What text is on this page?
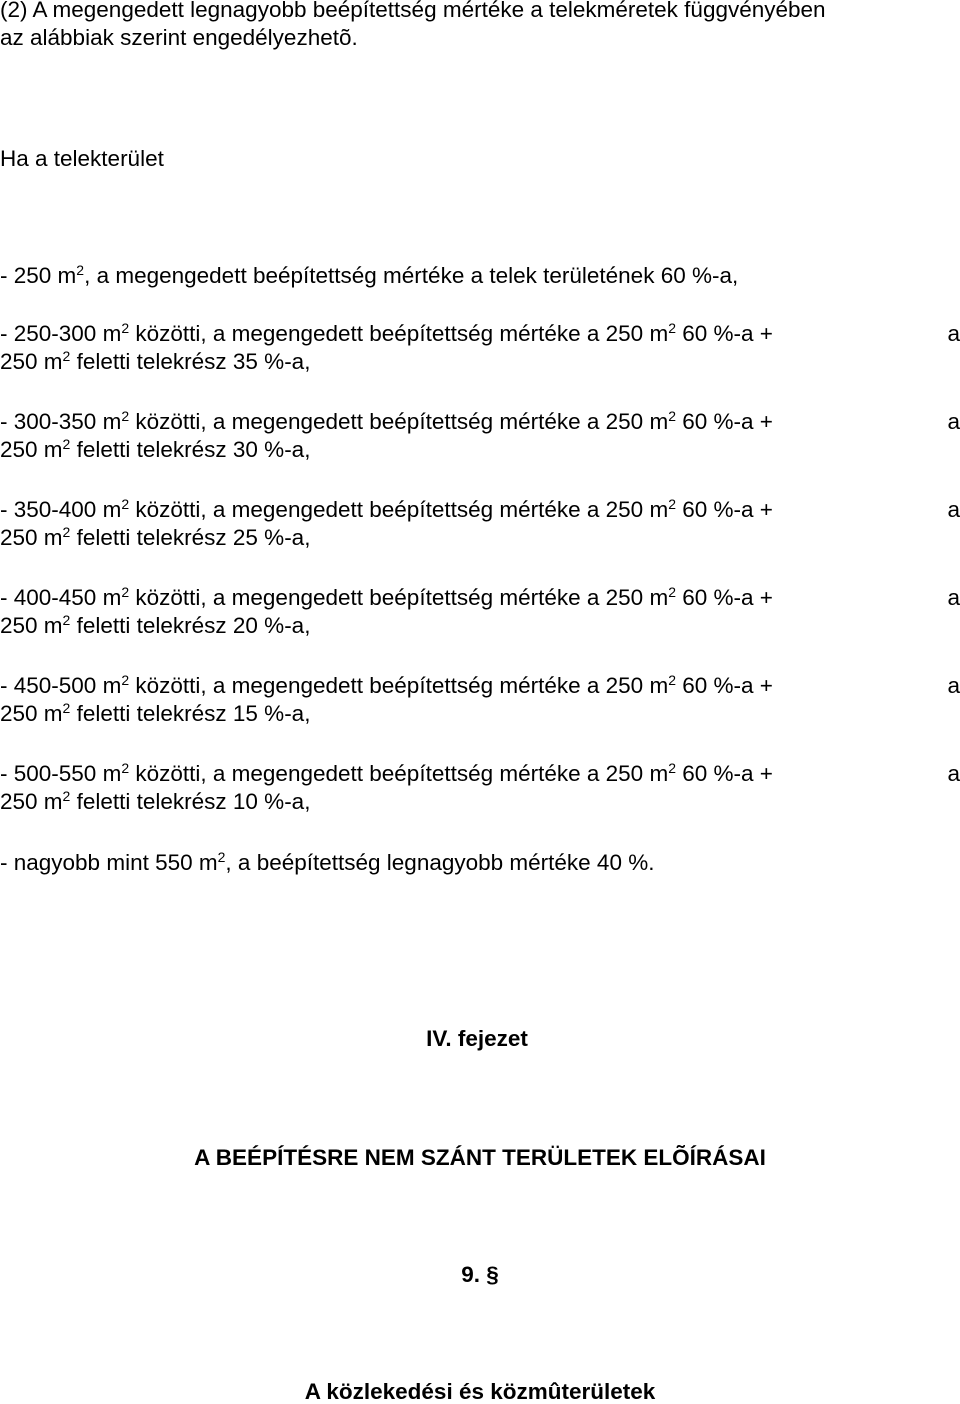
(2) A megengedett legnagyobb beépítettség mértéke a telekméretek függvényében
az alábbiak szerint engedélyezhetõ.
Ha a telekterület
- 250 $m^2$, a megengedett beépítettség mértéke a telek területének 60 %-a,
- 250-300 $m^2$ közötti, a megengedett beépítettség mértéke a 250 $m^2$ 60 %-a +	a
250 $m^2$ feletti telekrész 35 %-a,
- 300-350 $m^2$ közötti, a megengedett beépítettség mértéke a 250 $m^2$ 60 %-a +	a
250 $m^2$ feletti telekrész 30 %-a,
- 350-400 $m^2$ közötti, a megengedett beépítettség mértéke a 250 $m^2$ 60 %-a +	a
250 $m^2$ feletti telekrész 25 %-a,
- 400-450 $m^2$ közötti, a megengedett beépítettség mértéke a 250 $m^2$ 60 %-a +	a
250 $m^2$ feletti telekrész 20 %-a,
- 450-500 $m^2$ közötti, a megengedett beépítettség mértéke a 250 $m^2$ 60 %-a +	a
250 $m^2$ feletti telekrész 15 %-a,
- 500-550 $m^2$ közötti, a megengedett beépítettség mértéke a 250 $m^2$ 60 %-a +	a
250 $m^2$ feletti telekrész 10 %-a,
- nagyobb mint 550 $m^2$, a beépítettség legnagyobb mértéke 40 %.
IV. fejezet
A BEÉPÍTÉSRE NEM SZÁNT TERÜLETEK ELÕÍRÁSAI
9. §
A közlekedési és közmûterületek
